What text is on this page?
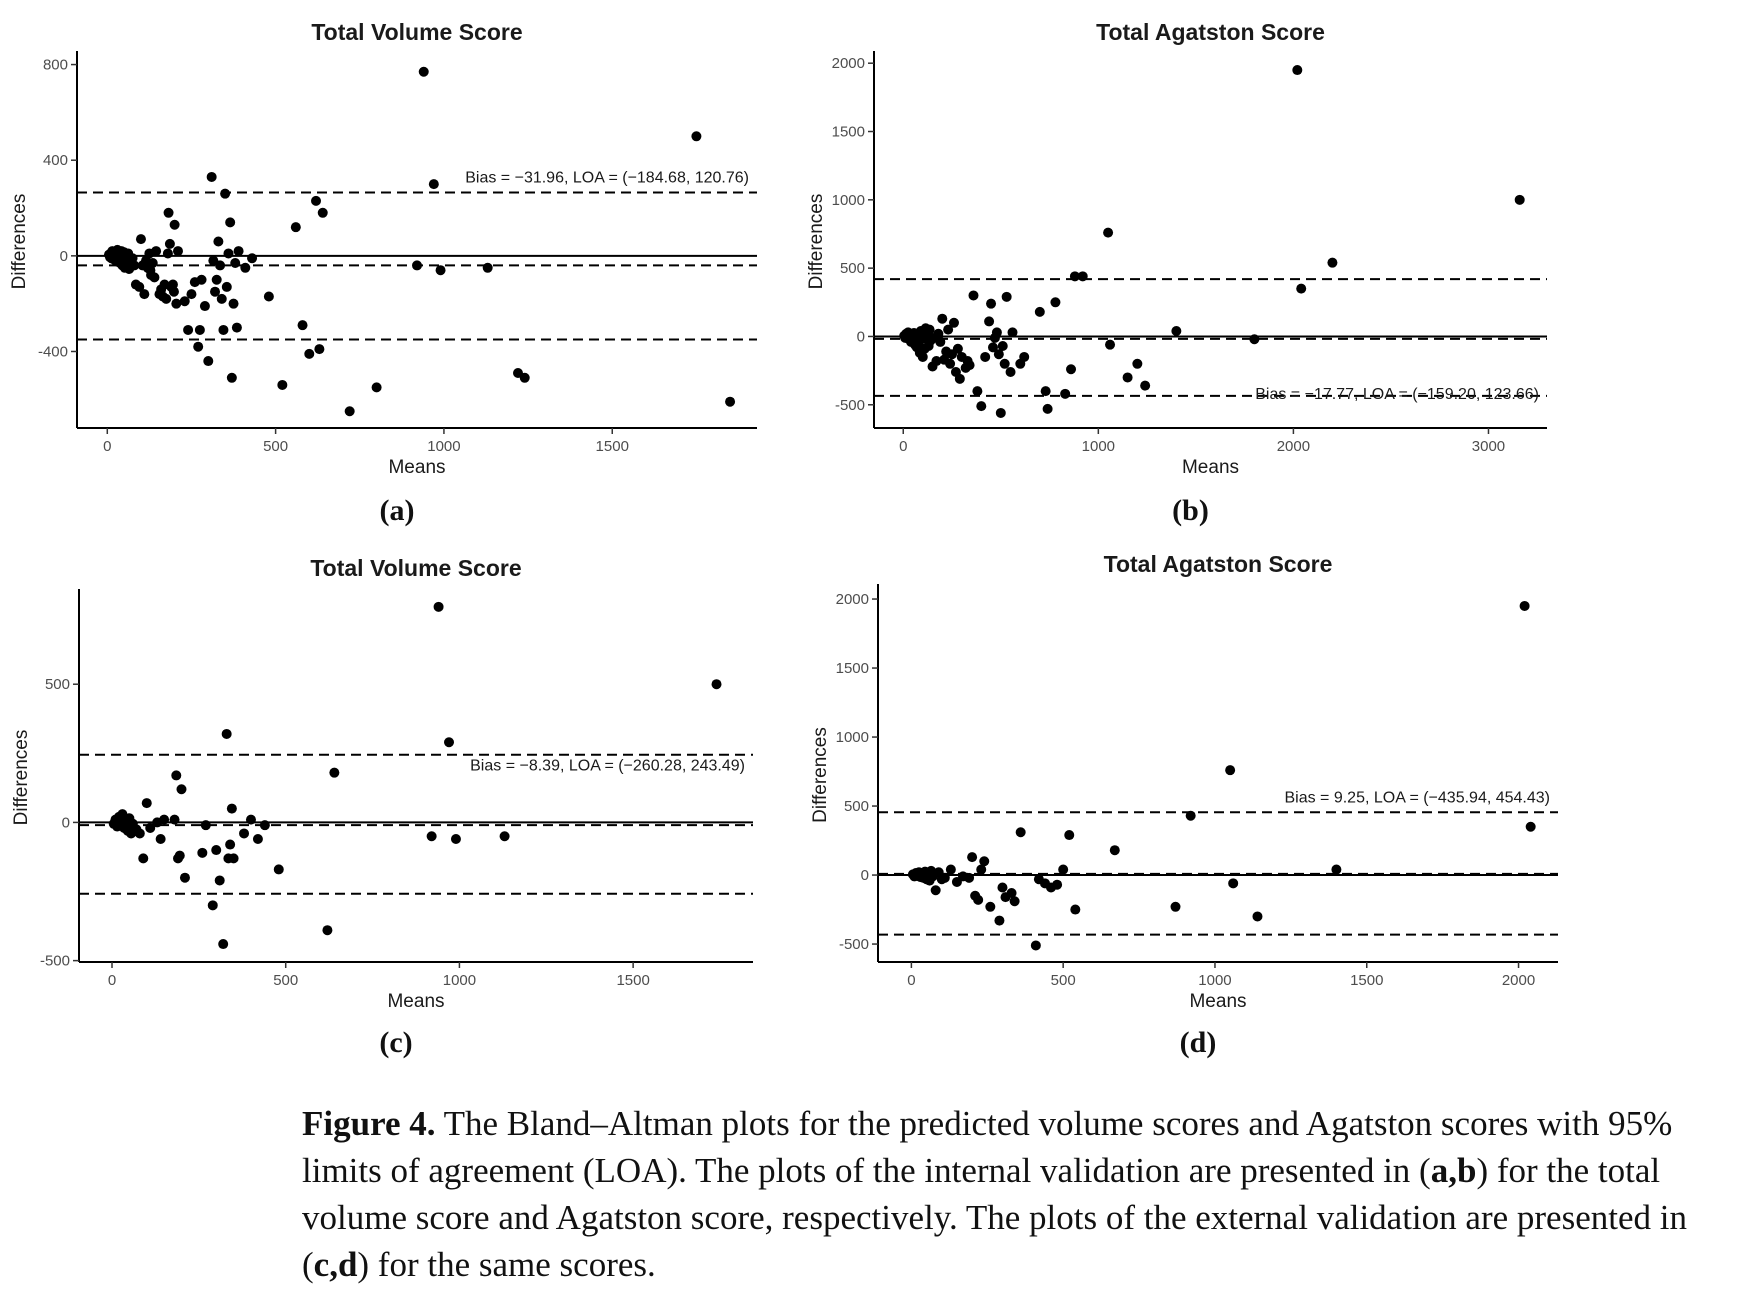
Total Volume Score
0	500	1000	1500
-400
0
400
800
Means
Differences
Bias = −31.96, LOA = (−184.68, 120.76)
(a)
Total Agatston Score
0	1000	2000	3000
-500
0
500
1000
1500
2000
Means
Differences
Bias = −17.77, LOA = (−159.20, 123.66)
(b)
Total Volume Score
0	500	1000	1500
-500
0
500
Means
Differences	Bias = −8.39, LOA = (−260.28, 243.49)
(c)
Total Agatston Score
0	500	1000	1500	2000
-500
0
500
1000
1500
2000
Means
Differences	Bias = 9.25, LOA = (−435.94, 454.43)
(d)
Figure 4. The Bland–Altman plots for the predicted volume scores and Agatston scores with 95% limits of agreement (LOA). The plots of the internal validation are presented in (a,b) for the total volume score and Agatston score, respectively. The plots of the external validation are presented in (c,d) for the same scores.
